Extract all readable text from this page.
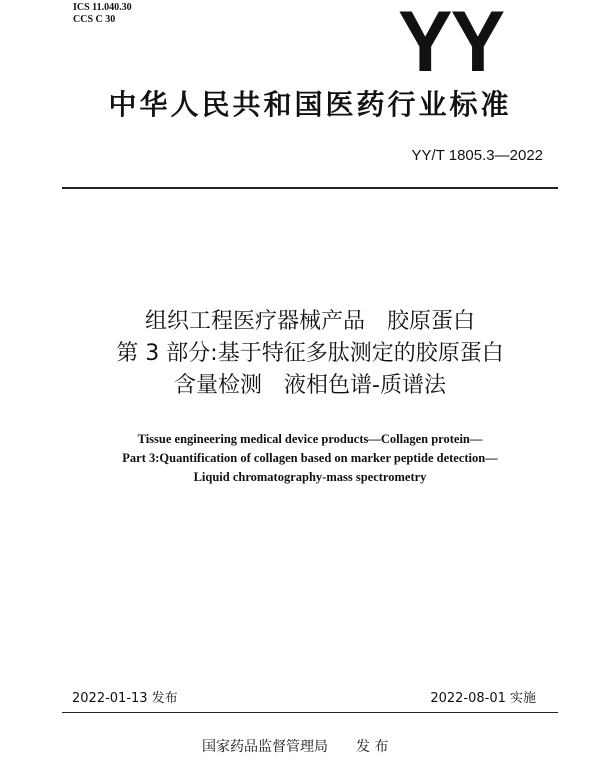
ICS 11.040.30
CCS C 30	YY
中华人民共和国医药行业标准
YY/T 1805.3—2022
组织工程医疗器械产品　胶原蛋白
第 3 部分:基于特征多肽测定的胶原蛋白
含量检测　液相色谱-质谱法
Tissue engineering medical device products—Collagen protein—
Part 3:Quantification of collagen based on marker peptide detection—
Liquid chromatography-mass spectrometry
2022-01-13 发布	2022-08-01 实施
国家药品监督管理局　　发 布
